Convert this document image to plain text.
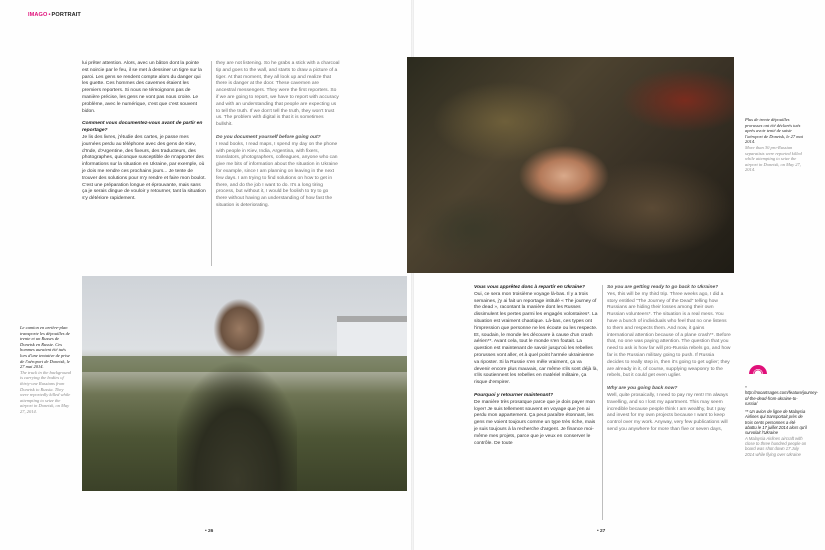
IMAGO•PORTRAIT

lui prêter attention. Alors, avec un bâton dont la pointe est noircie par le feu, il se met à dessiner un tigre sur la paroi. Les gens se rendent compte alors du danger qui les guette. Ces hommes des cavernes étaient les premiers reporters. Si nous ne témoignons pas de manière précise, les gens ne vont pas nous croire. Le problème, avec le numérique, c'est que c'est souvent bidon.

Comment vous documentez-vous avant de partir en reportage?

Je lis des livres, j'étudie des cartes, je passe mes journées perdu au téléphone avec des gens de Kiev, d'Inde, d'Argentine, des fixeurs, des traducteurs, des photographes, quiconque susceptible de m'apporter des informations sur la situation en Ukraine, par exemple, où je dois me rendre ces prochains jours... Je tente de trouver des solutions pour m'y rendre et faire mon boulot. C'est une préparation longue et éprouvante, mais sans ça je serais dingue de vouloir y retourner, tant la situation s'y détériore rapidement.

they are not listening. So he grabs a stick with a charcoal tip and goes to the wall, and starts to draw a picture of a tiger. At that moment, they all look up and realize that there is danger at the door. These cavemen are ancestral messengers. They were the first reporters. So if we are going to report, we have to report with accuracy and with an understanding that people are expecting us to tell the truth. If we don't tell the truth, they won't trust us. The problem with digital is that it is sometimes bullshit.

Do you document yourself before going out?

I read books, I read maps, I spend my day on the phone with people in Kiev, India, Argentina, with fixers, translators, photographers, colleagues, anyone who can give me bits of information about the situation in Ukraine for example, since I am planning on leaving in the next few days. I am trying to find solutions on how to get in there, and do the job I want to do. It's a long tiring process, but without it, I would be foolish to try to go there without having an understanding of how fast the situation is deteriorating.

Plus de trente dépouilles prorusses ont été déclarés tués après avoir tenté de saisir l'aéroport de Donetsk, le 27 mai 2014.
More than 30 pro-Russian separatists were reported killed while attempting to seize the airport in Donetsk, on May 27, 2014.
Le camion en arrière-plan transporte les dépouilles de trente et un Russes de Donetsk en Russie. Ces hommes auraient été tués lors d'une tentative de prise de l'aéroport de Donetsk, le 27 mai 2014.
The truck in the background is carrying the bodies of thirty-one Russians from Donetsk to Russia. They were reportedly killed while attempting to seize the airport in Donetsk, on May 27, 2014.

Vous vous apprêtez donc à repartir en Ukraine?

Oui, ce sera mon troisième voyage là-bas. Il y a trois semaines, j'y ai fait un reportage intitulé « The journey of the dead », racontant la manière dont les Russes dissimulent les pertes parmi les engagés volontaires*. La situation est vraiment chaotique. Là-bas, ces types ont l'impression que personne ne les écoute ou les respecte. Et, soudain, le monde les découvre à cause d'un crash aérien**. Avant cela, tout le monde s'en foutait. La question est maintenant de savoir jusqu'où les rebelles prorusses vont aller, et à quel point l'armée ukrainienne va riposter. Si la Russie s'en mêle vraiment, ça va devenir encore plus mauvais, car même s'ils sont déjà là, s'ils soutiennent les rebelles en matériel militaire, ça risque d'empirer.

Pourquoi y retourner maintenant?

De manière très prosaïque parce que je dois payer mon loyer! Je suis tellement souvent en voyage que j'en ai perdu mon appartement. Ça peut paraître étonnant, les gens me voient toujours comme un type très riche, mais je suis toujours à la recherche d'argent. Je finance moi-même mes projets, parce que je veux en conserver le contrôle. De toute

So you are getting ready to go back to Ukraine?

Yes, this will be my third trip. Three weeks ago, I did a story entitled "The Journey of the Dead" telling how Russians are hiding their losses among their own Russian volunteers*. The situation is a real mess. You have a bunch of individuals who feel that no one listens to them and respects them. And now, it gains international attention because of a plane crash**. Before that, no one was paying attention. The question that you need to ask is how far will pro-Russia rebels go, and how far is the Russian military going to push. If Russia decides to really step in, then it's going to get uglier; they are already in it, of course, supplying weaponry to the rebels, but it could get even uglier.

Why are you going back now?

Well, quite prosaically, I need to pay my rent! I'm always travelling, and so I lost my apartment. This may seem incredible because people think I am wealthy, but I pay and invest for my own projects because I want to keep control over my work. Anyway, very few publications will send you anywhere for more than five or seven days,

* http://nooartsages.com/feature/journey-of-the-dead-from-ukraine-to-russia/

** Un avion de ligne de Malaysia Airlines qui transportait près de trois cents personnes a été abattu le 17 juillet 2014 alors qu'il survolait l'Ukraine
A Malaysia Airlines aircraft with close to three hundred people on board was shot down 17 July 2014 while flying over Ukraine

• 26	• 27
